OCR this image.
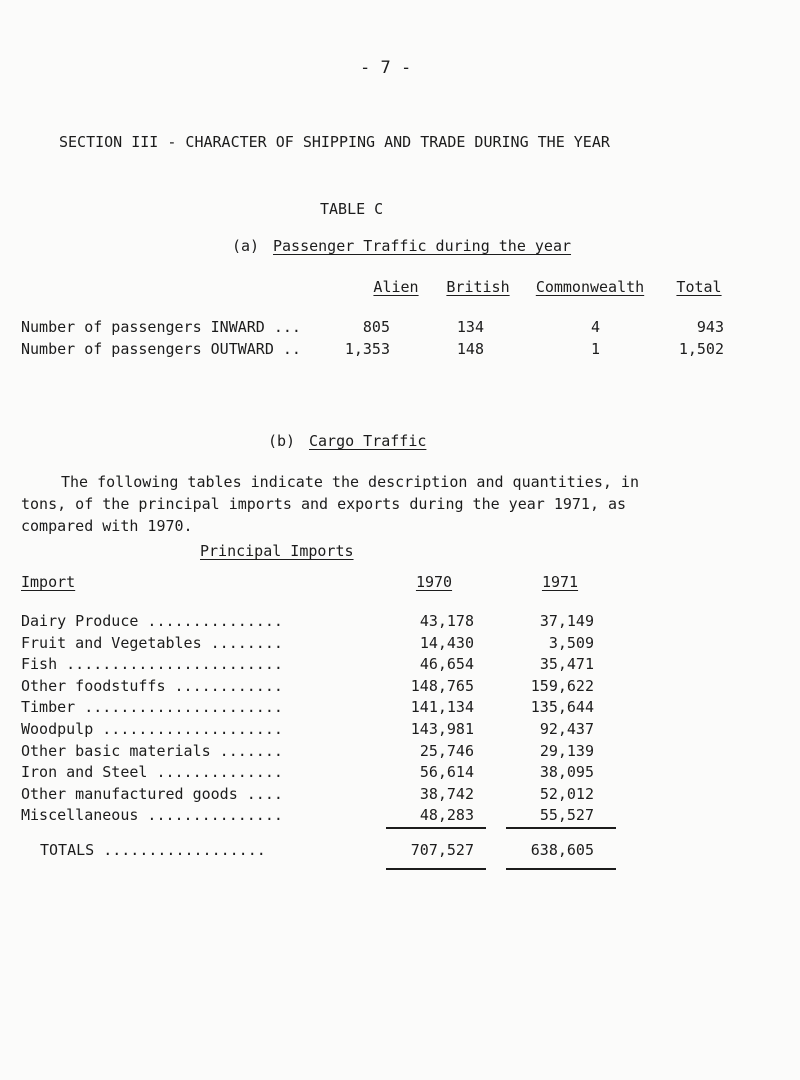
- 7 -
SECTION III - CHARACTER OF SHIPPING AND TRADE DURING THE YEAR
TABLE C
(a) Passenger Traffic during the year
Alien	British	Commonwealth Total
Number of passengers INWARD ...	805	134	4	943
Number of passengers OUTWARD ..	1,353	148	1	1,502
(b) Cargo Traffic
The following tables indicate the description and quantities, in
tons, of the principal imports and exports during the year 1971, as
compared with 1970.
Principal Imports
Import	1970	1971
Dairy Produce ...............	43,178	37,149
Fruit and Vegetables ........	14,430	3,509
Fish ........................	46,654	35,471
Other foodstuffs ............	148,765	159,622
Timber ......................	141,134	135,644
Woodpulp ....................	143,981	92,437
Other basic materials .......	25,746	29,139
Iron and Steel ..............	56,614	38,095
Other manufactured goods ....	38,742	52,012
Miscellaneous ...............	48,283	55,527
TOTALS ..................	707,527	638,605
